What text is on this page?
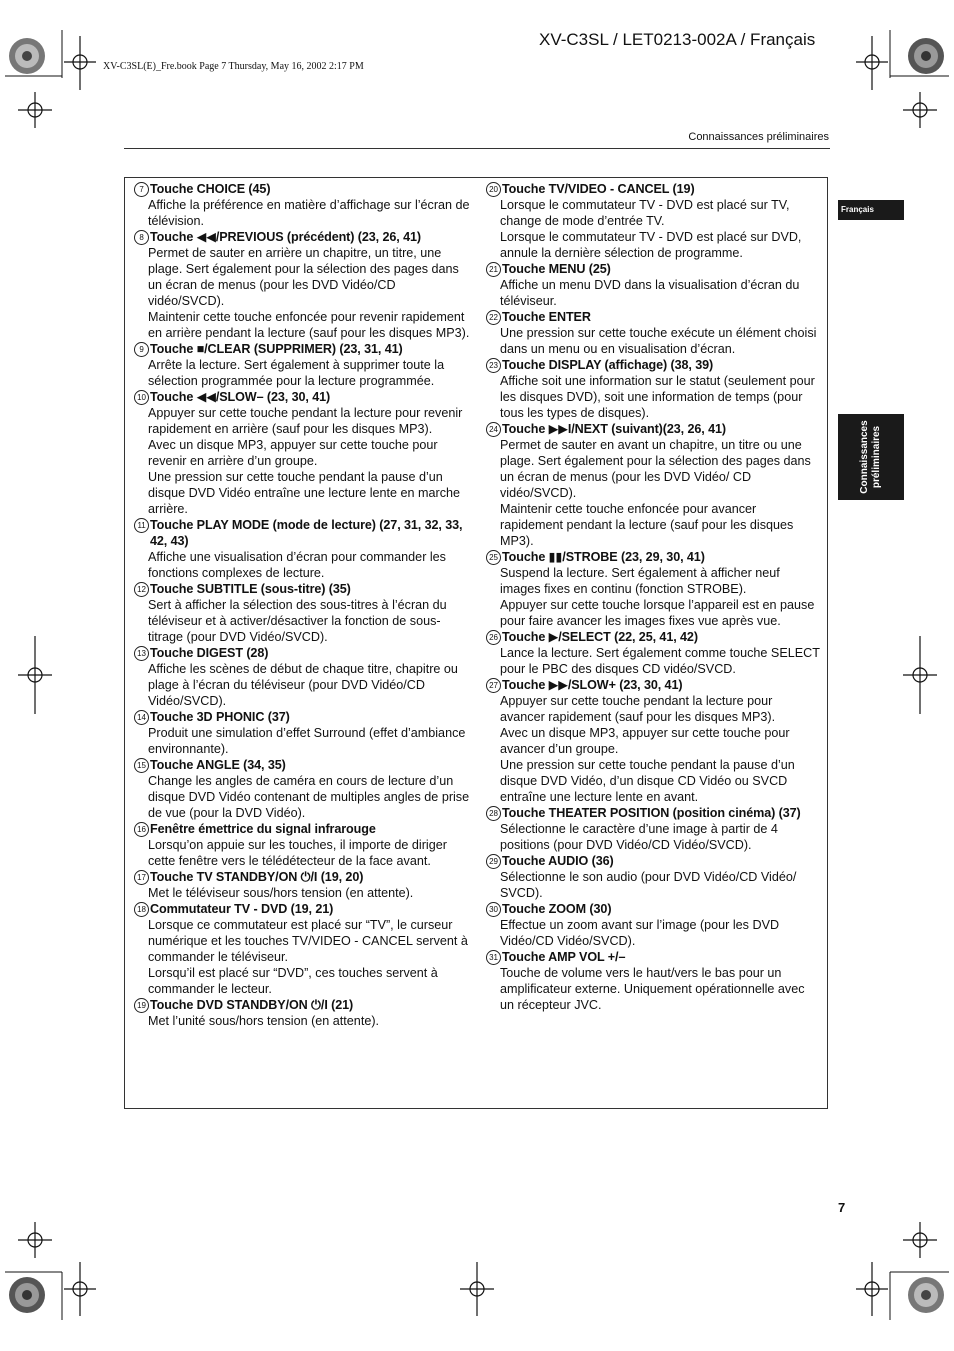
XV-C3SL / LET0213-002A / Français
XV-C3SL(E)_Fre.book Page 7 Thursday, May 16, 2002 2:17 PM
Connaissances préliminaires
7 Touche CHOICE (45)

Affiche la préférence en matière d’affichage sur l’écran de télévision.

8 Touche ◀◀/PREVIOUS (précédent) (23, 26, 41)

Permet de sauter en arrière un chapitre, un titre, une plage. Sert également pour la sélection des pages dans un écran de menus (pour les DVD Vidéo/CD vidéo/SVCD).

Maintenir cette touche enfoncée pour revenir rapidement en arrière pendant la lecture (sauf pour les disques MP3).

9 Touche ■/CLEAR (SUPPRIMER) (23, 31, 41)

Arrête la lecture. Sert également à supprimer toute la sélection programmée pour la lecture programmée.

10 Touche ◀◀/SLOW– (23, 30, 41)

Appuyer sur cette touche pendant la lecture pour revenir rapidement en arrière (sauf pour les disques MP3).

Avec un disque MP3, appuyer sur cette touche pour revenir en arrière d’un groupe.

Une pression sur cette touche pendant la pause d’un disque DVD Vidéo entraîne une lecture lente en marche arrière.

11 Touche PLAY MODE (mode de lecture) (27, 31, 32, 33, 42, 43)

Affiche une visualisation d’écran pour commander les fonctions complexes de lecture.

12 Touche SUBTITLE (sous-titre) (35)

Sert à afficher la sélection des sous-titres à l’écran du téléviseur et à activer/désactiver la fonction de sous-titrage (pour DVD Vidéo/SVCD).

13 Touche DIGEST (28)

Affiche les scènes de début de chaque titre, chapitre ou plage à l’écran du téléviseur (pour DVD Vidéo/CD Vidéo/SVCD).

14 Touche 3D PHONIC (37)

Produit une simulation d’effet Surround (effet d’ambiance environnante).

15 Touche ANGLE (34, 35)

Change les angles de caméra en cours de lecture d’un disque DVD Vidéo contenant de multiples angles de prise de vue (pour la DVD Vidéo).

16 Fenêtre émettrice du signal infrarouge

Lorsqu’on appuie sur les touches, il importe de diriger cette fenêtre vers le télédétecteur de la face avant.

17 Touche TV STANDBY/ON ⏻/I (19, 20)

Met le téléviseur sous/hors tension (en attente).

18 Commutateur TV - DVD (19, 21)

Lorsque ce commutateur est placé sur “TV”, le curseur numérique et les touches TV/VIDEO - CANCEL servent à commander le téléviseur.

Lorsqu’il est placé sur “DVD”, ces touches servent à commander le lecteur.

19 Touche DVD STANDBY/ON ⏻/I (21)

Met l’unité sous/hors tension (en attente).

20 Touche TV/VIDEO - CANCEL (19)

Lorsque le commutateur TV - DVD est placé sur TV, change de mode d’entrée TV.

Lorsque le commutateur TV - DVD est placé sur DVD, annule la dernière sélection de programme.

21 Touche MENU (25)

Affiche un menu DVD dans la visualisation d’écran du téléviseur.

22 Touche ENTER

Une pression sur cette touche exécute un élément choisi dans un menu ou en visualisation d’écran.

23 Touche DISPLAY (affichage) (38, 39)

Affiche soit une information sur le statut (seulement pour les disques DVD), soit une information de temps (pour tous les types de disques).

24 Touche ▶▶I/NEXT (suivant)(23, 26, 41)

Permet de sauter en avant un chapitre, un titre ou une plage. Sert également pour la sélection des pages dans un écran de menus (pour les DVD Vidéo/ CD vidéo/SVCD).

Maintenir cette touche enfoncée pour avancer rapidement pendant la lecture (sauf pour les disques MP3).

25 Touche ▮▮/STROBE (23, 29, 30, 41)

Suspend la lecture. Sert également à afficher neuf images fixes en continu (fonction STROBE).

Appuyer sur cette touche lorsque l’appareil est en pause pour faire avancer les images fixes vue après vue.

26 Touche ▶/SELECT (22, 25, 41, 42)

Lance la lecture. Sert également comme touche SELECT pour le PBC des disques CD vidéo/SVCD.

27 Touche ▶▶/SLOW+ (23, 30, 41)

Appuyer sur cette touche pendant la lecture pour avancer rapidement (sauf pour les disques MP3).

Avec un disque MP3, appuyer sur cette touche pour avancer d’un groupe.

Une pression sur cette touche pendant la pause d’un disque DVD Vidéo, d’un disque CD Vidéo ou SVCD entraîne une lecture lente en avant.

28 Touche THEATER POSITION (position cinéma) (37)

Sélectionne le caractère d’une image à partir de 4 positions (pour DVD Vidéo/CD Vidéo/SVCD).

29 Touche AUDIO (36)

Sélectionne le son audio (pour DVD Vidéo/CD Vidéo/ SVCD).

30 Touche ZOOM (30)

Effectue un zoom avant sur l’image (pour les DVD Vidéo/CD Vidéo/SVCD).

31 Touche AMP VOL +/–

Touche de volume vers le haut/vers le bas pour un amplificateur externe. Uniquement opérationnelle avec un récepteur JVC.

Français
Connaissances préliminaires
7
